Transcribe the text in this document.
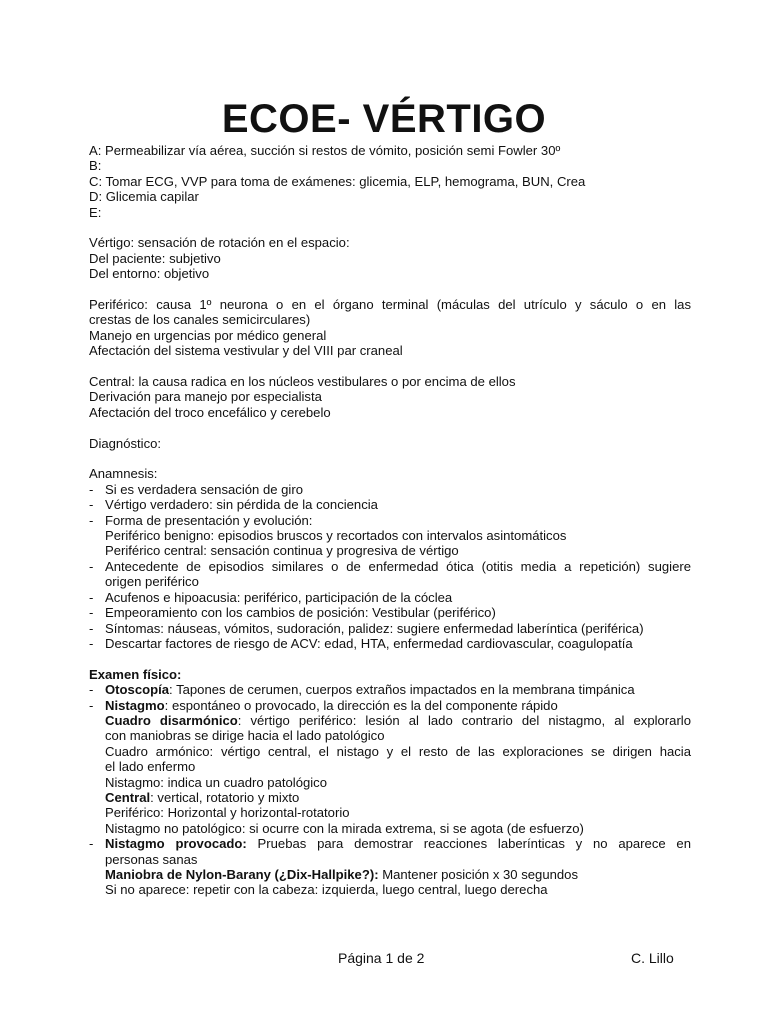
ECOE- VÉRTIGO
A: Permeabilizar vía aérea, succión si restos de vómito, posición semi Fowler 30º
B:
C: Tomar ECG, VVP para toma de exámenes: glicemia, ELP, hemograma, BUN, Crea
D: Glicemia capilar
E:
Vértigo: sensación de rotación en el espacio:
Del paciente: subjetivo
Del entorno: objetivo
Periférico: causa 1º neurona o en el órgano terminal (máculas del utrículo y sáculo o en las
crestas de los canales semicirculares)
Manejo en urgencias por médico general
Afectación del sistema vestivular y del VIII par craneal
Central: la causa radica en los núcleos vestibulares o por encima de ellos
Derivación para manejo por especialista
Afectación del troco encefálico y cerebelo
Diagnóstico:
Anamnesis:
- Si es verdadera sensación de giro
- Vértigo verdadero: sin pérdida de la conciencia
- Forma de presentación y evolución:
Periférico benigno: episodios bruscos y recortados con intervalos asintomáticos
Periférico central: sensación continua y progresiva de vértigo
- Antecedente de episodios similares o de enfermedad ótica (otitis media a repetición) sugiere
origen periférico
- Acufenos e hipoacusia: periférico, participación de la cóclea
- Empeoramiento con los cambios de posición: Vestibular (periférico)
- Síntomas: náuseas, vómitos, sudoración, palidez: sugiere enfermedad laberíntica (periférica)
- Descartar factores de riesgo de ACV: edad, HTA, enfermedad cardiovascular, coagulopatía
Examen físico:
- Otoscopía: Tapones de cerumen, cuerpos extraños impactados en la membrana timpánica
- Nistagmo: espontáneo o provocado, la dirección es la del componente rápido
Cuadro disarmónico: vértigo periférico: lesión al lado contrario del nistagmo, al explorarlo
con maniobras se dirige hacia el lado patológico
Cuadro armónico: vértigo central, el nistago y el resto de las exploraciones se dirigen hacia
el lado enfermo
Nistagmo: indica un cuadro patológico
Central: vertical, rotatorio y mixto
Periférico: Horizontal y horizontal-rotatorio
Nistagmo no patológico: si ocurre con la mirada extrema, si se agota (de esfuerzo)
- Nistagmo provocado: Pruebas para demostrar reacciones laberínticas y no aparece en
personas sanas
Maniobra de Nylon-Barany (¿Dix-Hallpike?): Mantener posición x 30 segundos
Si no aparece: repetir con la cabeza: izquierda, luego central, luego derecha
Página 1 de 2	C. Lillo
